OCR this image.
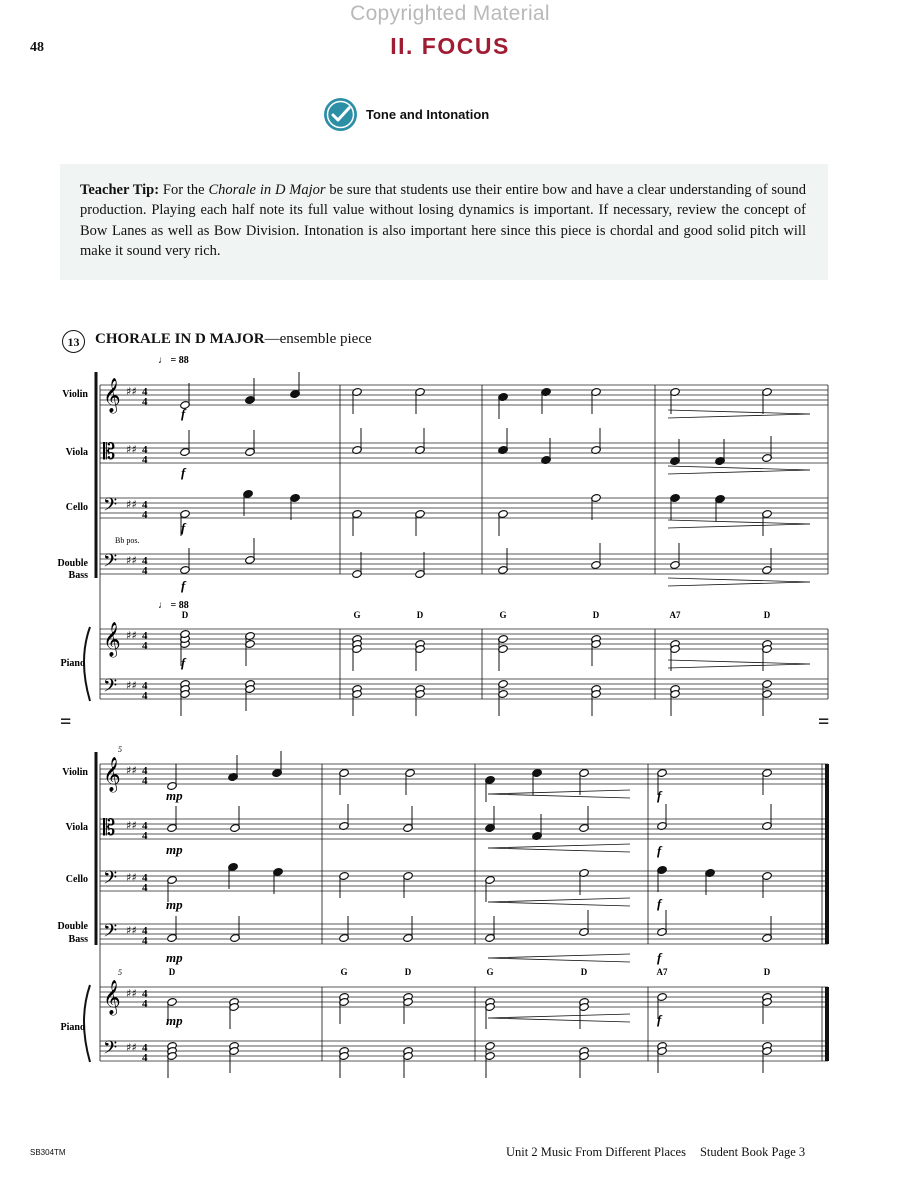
Copyrighted Material
48	II. FOCUS
Tone and Intonation
Teacher Tip: For the Chorale in D Major be sure that students use their entire bow and have a clear understanding of sound production. Playing each half note its full value without losing dynamics is important. If necessary, review the concept of Bow Lanes as well as Bow Division. Intonation is also important here since this piece is chordal and good solid pitch will make it sound very rich.
13	CHORALE IN D MAJOR—ensemble piece
𝄞 ♯♯ 4
4
𝄡 ♯♯ 4
4
𝄢 ♯♯ 4
4
𝄢 ♯♯ 4
4
𝄞 ♯♯ 4
4
𝄢 ♯♯ 4
4
𝄞 ♯♯ 4
4
𝄡 ♯♯ 4
4
𝄢 ♯♯ 4
4
𝄢 ♯♯ 4
4
𝄞 ♯♯ 4
4
𝄢 ♯♯ 4
4
♩ = 88
♩ = 88
Violin
Viola
Cello
Double
Bass
Piano
Bb pos.
Violin
Viola
Cello
Double
Bass
Piano
5
5
=	=
D	G	D	G	D	A7	D
D	G	D	G	D	A7	D
f
f
f
f
f
mp
mp
mp
mp
mp
f
f
f
f
f
SB304TM	Unit 2 Music From Different Places Student Book Page 3
